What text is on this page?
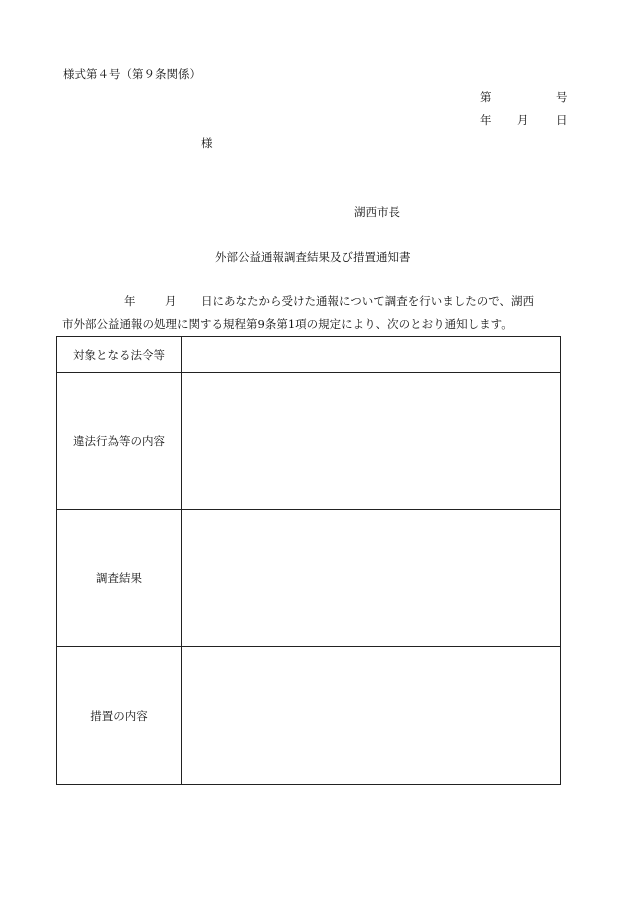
様式第４号（第９条関係）
第	号
年 月 日
様
湖西市長
外部公益通報調査結果及び措置通知書
年	月 日にあなたから受けた通報について調査を行いましたので、湖西
市外部公益通報の処理に関する規程第9条第1項の規定により、次のとおり通知します。
対象となる法令等	
違法行為等の内容	
調査結果	
措置の内容	
